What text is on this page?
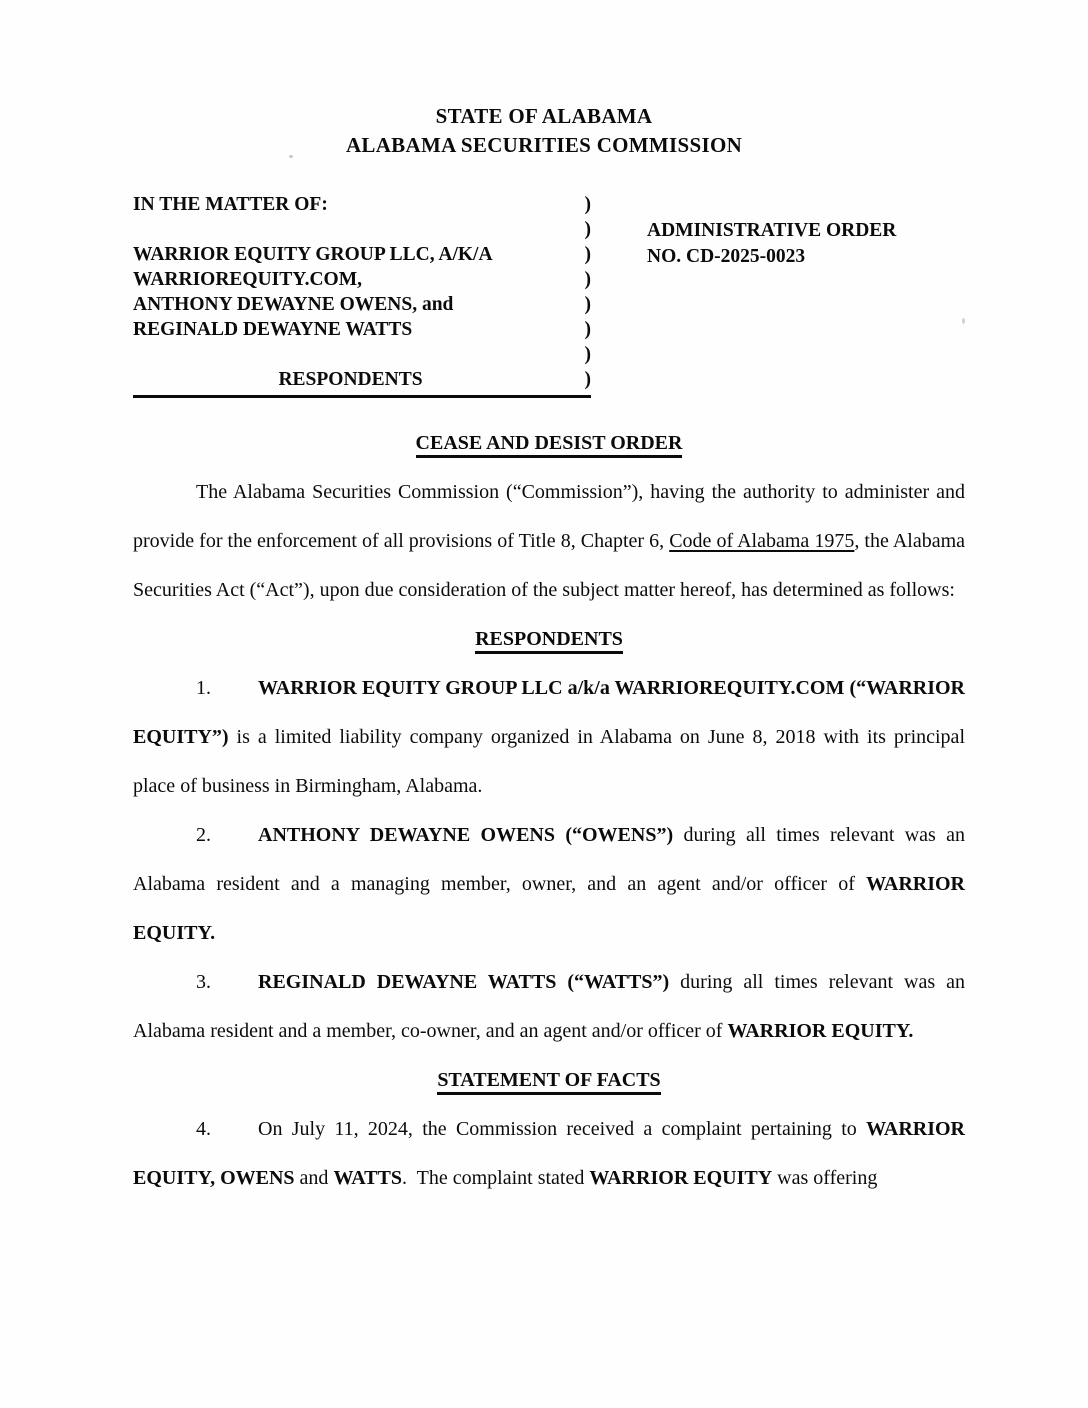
STATE OF ALABAMA
ALABAMA SECURITIES COMMISSION
IN THE MATTER OF:
WARRIOR EQUITY GROUP LLC, A/K/A
WARRIOREQUITY.COM,
ANTHONY DEWAYNE OWENS, and
REGINALD DEWAYNE WATTS
RESPONDENTS
)
)
)
)
)
)
)
)
ADMINISTRATIVE ORDER
NO. CD-2025-0023
CEASE AND DESIST ORDER

The Alabama Securities Commission (“Commission”), having the authority to administer and provide for the enforcement of all provisions of Title 8, Chapter 6, Code of Alabama 1975, the Alabama Securities Act (“Act”), upon due consideration of the subject matter hereof, has determined as follows:

RESPONDENTS

1. WARRIOR EQUITY GROUP LLC a/k/a WARRIOREQUITY.COM (“WARRIOR EQUITY”) is a limited liability company organized in Alabama on June 8, 2018 with its principal place of business in Birmingham, Alabama.

2. ANTHONY DEWAYNE OWENS (“OWENS”) during all times relevant was an Alabama resident and a managing member, owner, and an agent and/or officer of WARRIOR EQUITY.

3. REGINALD DEWAYNE WATTS (“WATTS”) during all times relevant was an Alabama resident and a member, co-owner, and an agent and/or officer of WARRIOR EQUITY.

STATEMENT OF FACTS

4. On July 11, 2024, the Commission received a complaint pertaining to WARRIOR EQUITY, OWENS and WATTS.  The complaint stated WARRIOR EQUITY was offering
